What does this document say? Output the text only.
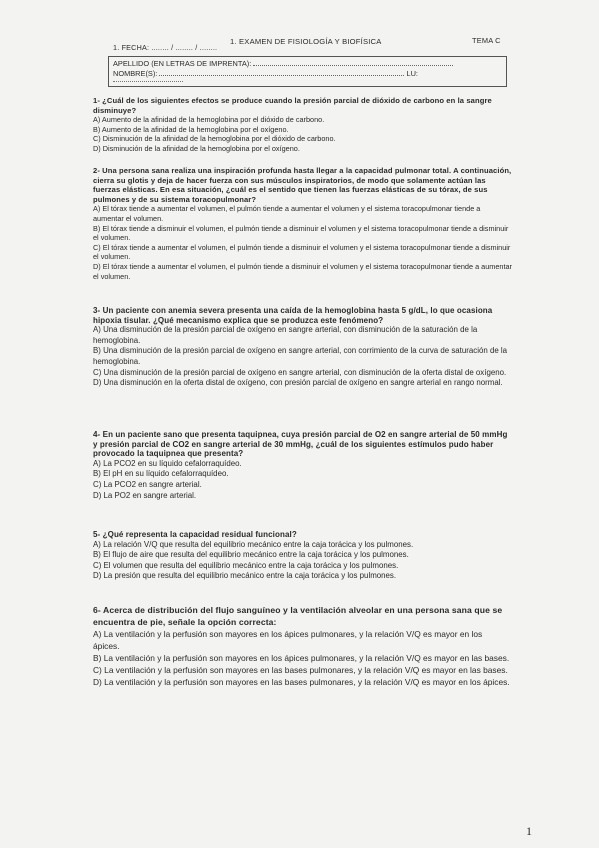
1. FECHA: ........ / ........ / ........
1. EXAMEN DE FISIOLOGÍA Y BIOFÍSICA	TEMA C
APELLIDO (EN LETRAS DE IMPRENTA):
NOMBRE(S):	LU:
1- ¿Cuál de los siguientes efectos se produce cuando la presión parcial de dióxido de carbono en la sangre disminuye?
A) Aumento de la afinidad de la hemoglobina por el dióxido de carbono.
B) Aumento de la afinidad de la hemoglobina por el oxígeno.
C) Disminución de la afinidad de la hemoglobina por el dióxido de carbono.
D) Disminución de la afinidad de la hemoglobina por el oxígeno.
2- Una persona sana realiza una inspiración profunda hasta llegar a la capacidad pulmonar total. A continuación, cierra su glotis y deja de hacer fuerza con sus músculos inspiratorios, de modo que solamente actúan las fuerzas elásticas. En esa situación, ¿cuál es el sentido que tienen las fuerzas elásticas de su tórax, de sus pulmones y de su sistema toracopulmonar?
A) El tórax tiende a aumentar el volumen, el pulmón tiende a aumentar el volumen y el sistema toracopulmonar tiende a aumentar el volumen.
B) El tórax tiende a disminuir el volumen, el pulmón tiende a disminuir el volumen y el sistema toracopulmonar tiende a disminuir el volumen.
C) El tórax tiende a aumentar el volumen, el pulmón tiende a disminuir el volumen y el sistema toracopulmonar tiende a disminuir el volumen.
D) El tórax tiende a aumentar el volumen, el pulmón tiende a disminuir el volumen y el sistema toracopulmonar tiende a aumentar el volumen.
3- Un paciente con anemia severa presenta una caída de la hemoglobina hasta 5 g/dL, lo que ocasiona hipoxia tisular. ¿Qué mecanismo explica que se produzca este fenómeno?
A) Una disminución de la presión parcial de oxígeno en sangre arterial, con disminución de la saturación de la hemoglobina.
B) Una disminución de la presión parcial de oxígeno en sangre arterial, con corrimiento de la curva de saturación de la hemoglobina.
C) Una disminución de la presión parcial de oxígeno en sangre arterial, con disminución de la oferta distal de oxígeno.
D) Una disminución en la oferta distal de oxígeno, con presión parcial de oxígeno en sangre arterial en rango normal.
4- En un paciente sano que presenta taquipnea, cuya presión parcial de O2 en sangre arterial de 50 mmHg y presión parcial de CO2 en sangre arterial de 30 mmHg, ¿cuál de los siguientes estímulos pudo haber provocado la taquipnea que presenta?
A) La PCO2 en su líquido cefalorraquídeo.
B) El pH en su líquido cefalorraquídeo.
C) La PCO2 en sangre arterial.
D) La PO2 en sangre arterial.
5- ¿Qué representa la capacidad residual funcional?
A) La relación V/Q que resulta del equilibrio mecánico entre la caja torácica y los pulmones.
B) El flujo de aire que resulta del equilibrio mecánico entre la caja torácica y los pulmones.
C) El volumen que resulta del equilibrio mecánico entre la caja torácica y los pulmones.
D) La presión que resulta del equilibrio mecánico entre la caja torácica y los pulmones.
6- Acerca de distribución del flujo sanguíneo y la ventilación alveolar en una persona sana que se encuentra de pie, señale la opción correcta:
A) La ventilación y la perfusión son mayores en los ápices pulmonares, y la relación V/Q es mayor en los ápices.
B) La ventilación y la perfusión son mayores en los ápices pulmonares, y la relación V/Q es mayor en las bases.
C) La ventilación y la perfusión son mayores en las bases pulmonares, y la relación V/Q es mayor en las bases.
D) La ventilación y la perfusión son mayores en las bases pulmonares, y la relación V/Q es mayor en los ápices.
1
